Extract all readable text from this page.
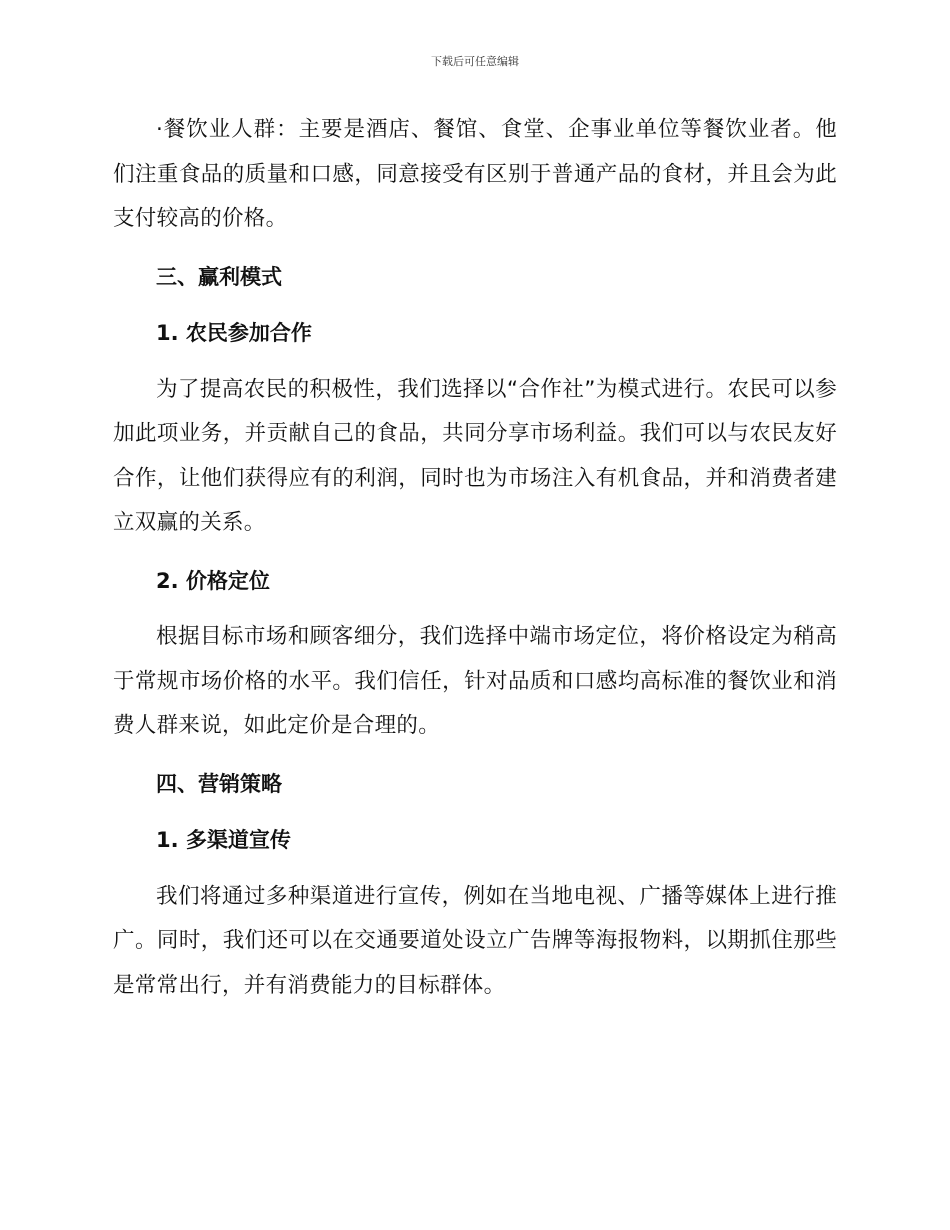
下载后可任意编辑

·餐饮业人群：主要是酒店、餐馆、食堂、企事业单位等餐饮业者。他们注重食品的质量和口感，同意接受有区别于普通产品的食材，并且会为此支付较高的价格。

三、赢利模式
1. 农民参加合作

为了提高农民的积极性，我们选择以“合作社”为模式进行。农民可以参加此项业务，并贡献自己的食品，共同分享市场利益。我们可以与农民友好合作，让他们获得应有的利润，同时也为市场注入有机食品，并和消费者建立双赢的关系。

2. 价格定位

根据目标市场和顾客细分，我们选择中端市场定位，将价格设定为稍高于常规市场价格的水平。我们信任，针对品质和口感均高标准的餐饮业和消费人群来说，如此定价是合理的。

四、营销策略
1. 多渠道宣传

我们将通过多种渠道进行宣传，例如在当地电视、广播等媒体上进行推广。同时，我们还可以在交通要道处设立广告牌等海报物料，以期抓住那些是常常出行，并有消费能力的目标群体。
